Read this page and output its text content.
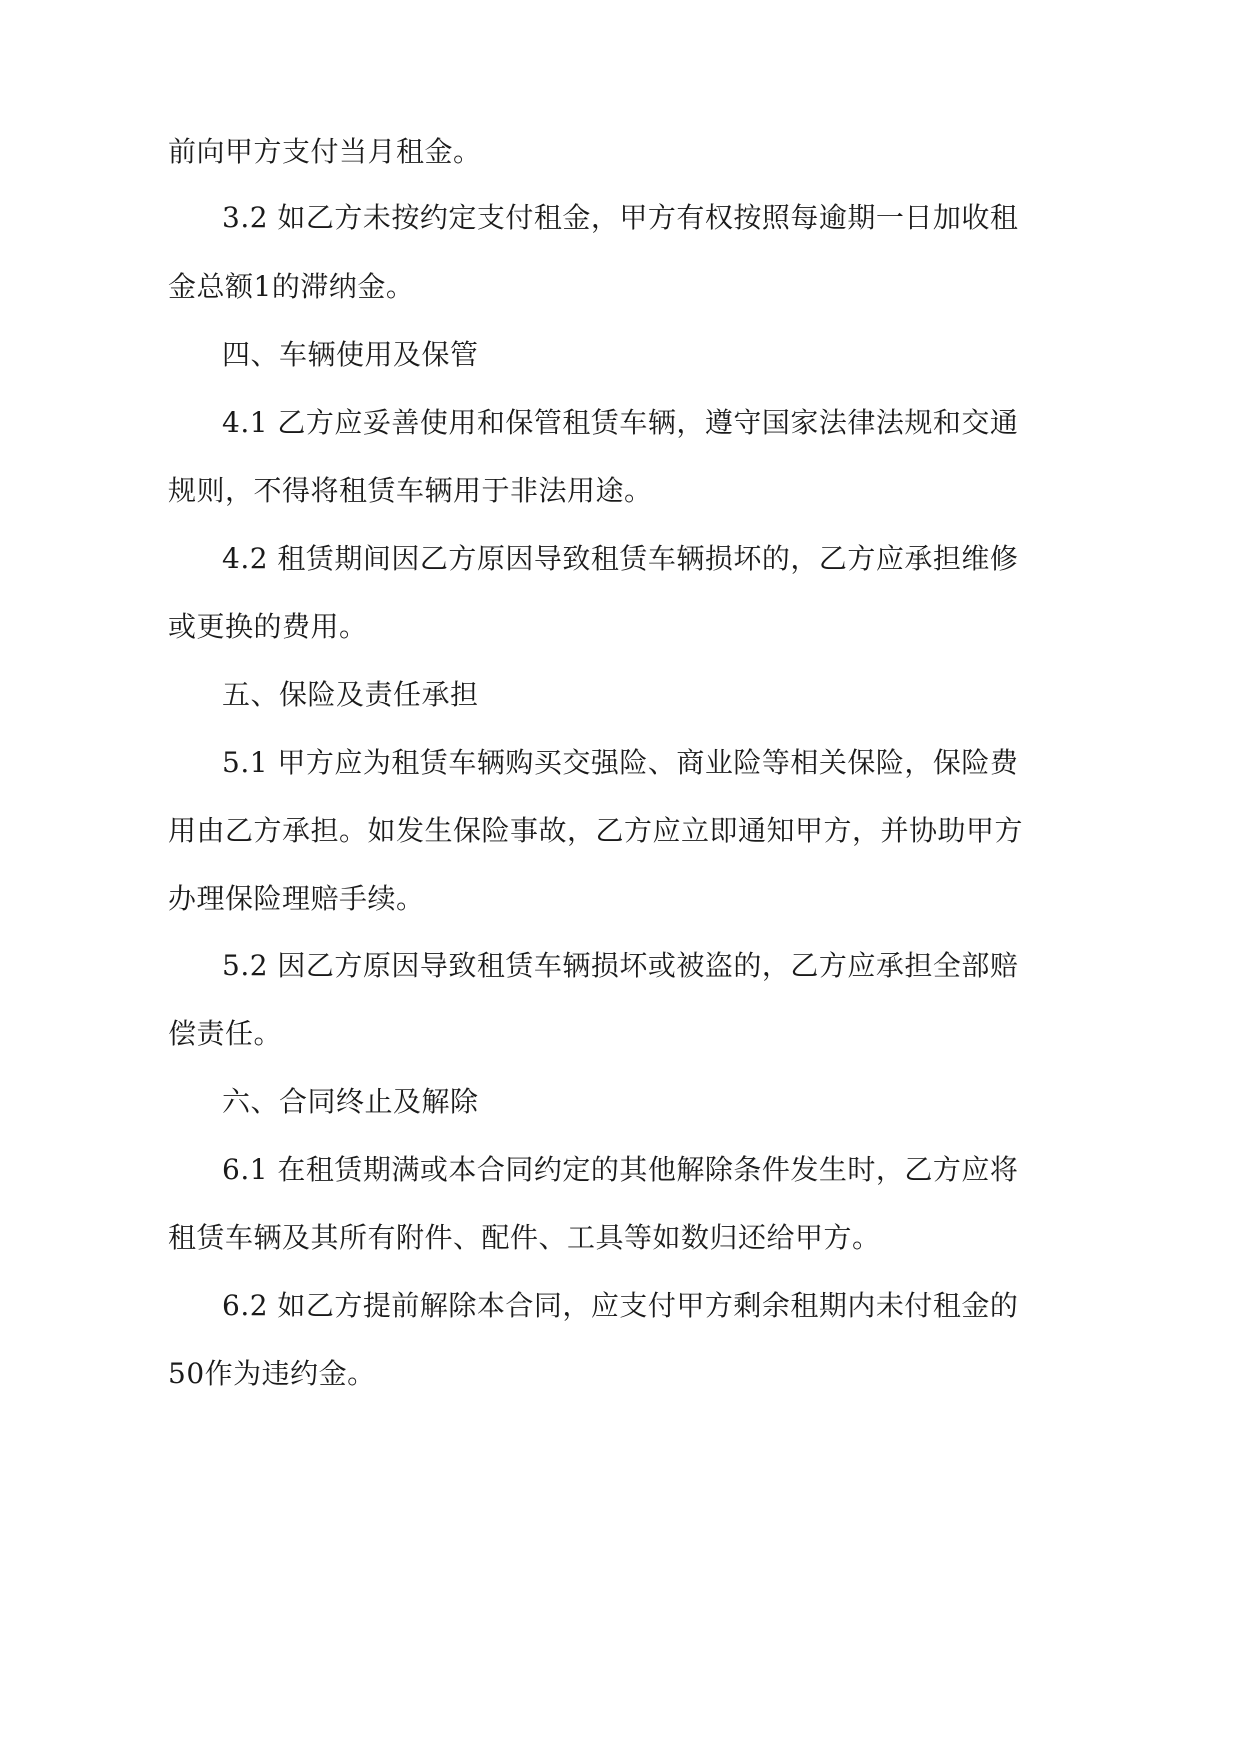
前向甲方支付当月租金。
3.2 如乙方未按约定支付租金，甲方有权按照每逾期一日加收租
金总额1的滞纳金。
四、车辆使用及保管
4.1 乙方应妥善使用和保管租赁车辆，遵守国家法律法规和交通
规则，不得将租赁车辆用于非法用途。
4.2 租赁期间因乙方原因导致租赁车辆损坏的，乙方应承担维修
或更换的费用。
五、保险及责任承担
5.1 甲方应为租赁车辆购买交强险、商业险等相关保险，保险费
用由乙方承担。如发生保险事故，乙方应立即通知甲方，并协助甲方
办理保险理赔手续。
5.2 因乙方原因导致租赁车辆损坏或被盗的，乙方应承担全部赔
偿责任。
六、合同终止及解除
6.1 在租赁期满或本合同约定的其他解除条件发生时，乙方应将
租赁车辆及其所有附件、配件、工具等如数归还给甲方。
6.2 如乙方提前解除本合同，应支付甲方剩余租期内未付租金的
50作为违约金。
